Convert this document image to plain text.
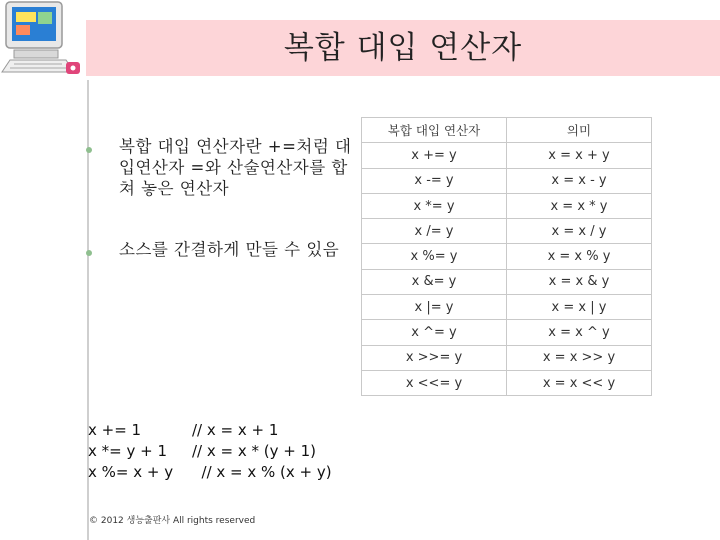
복합 대입 연산자
복합 대입 연산자란 +=처럼 대입연산자 =와 산술연산자를 합쳐 놓은 연산자
소스를 간결하게 만들 수 있음
복합 대입 연산자	의미
x += y	x = x + y
x -= y	x = x - y
x *= y	x = x * y
x /= y	x = x / y
x %= y	x = x % y
x &= y	x = x & y
x |= y	x = x | y
x ^= y	x = x ^ y
x >>= y	x = x >> y
x <<= y	x = x << y
x += 1	// x = x + 1
x *= y + 1	// x = x * (y + 1)
x %= x + y	// x = x % (x + y)
© 2012 생능출판사 All rights reserved
